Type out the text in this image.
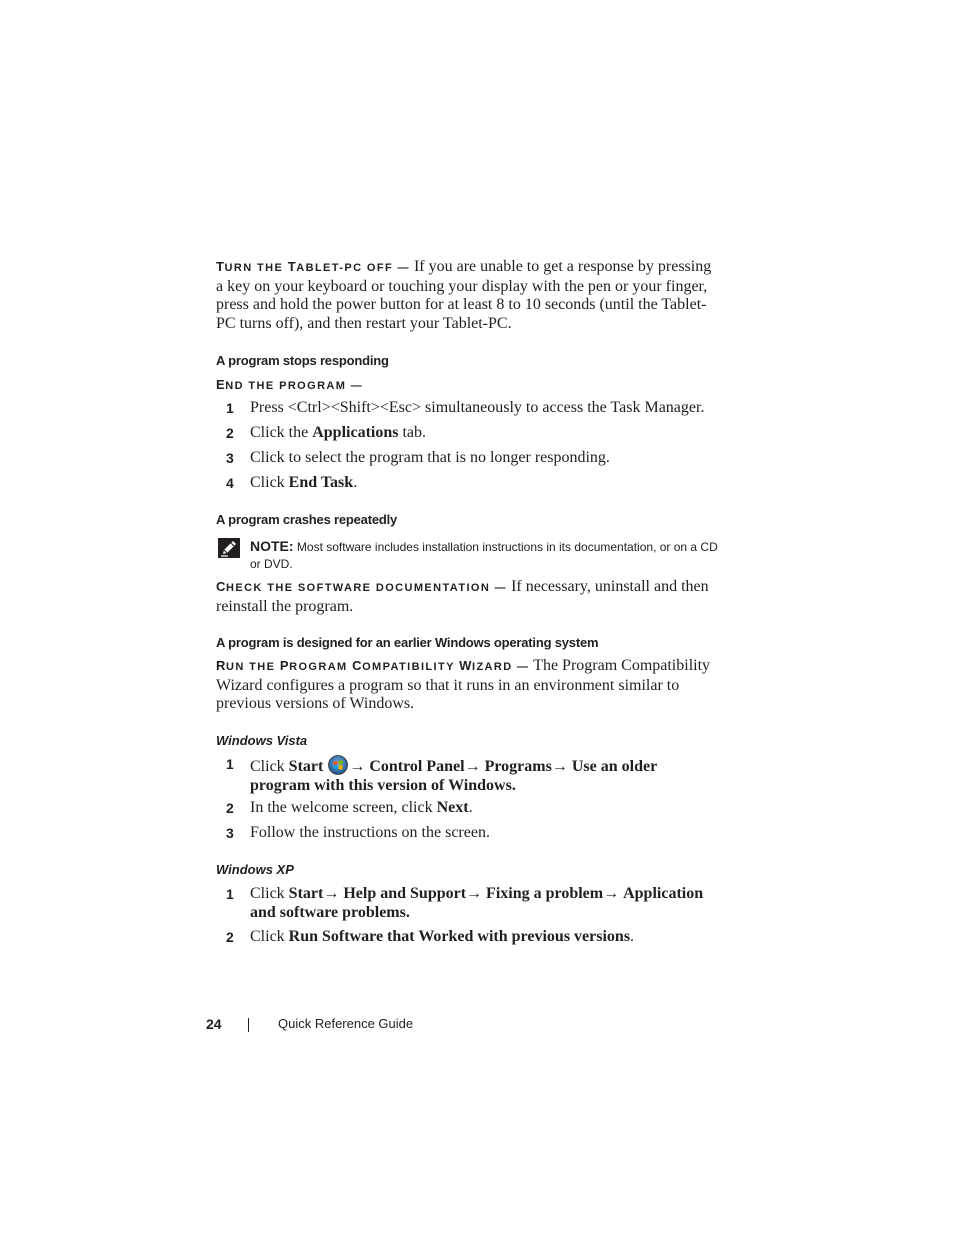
TURN THE TABLET-PC OFF — If you are unable to get a response by pressing a key on your keyboard or touching your display with the pen or your finger, press and hold the power button for at least 8 to 10 seconds (until the Tablet-PC turns off), and then restart your Tablet-PC.
A program stops responding
END THE PROGRAM —
1 Press <Ctrl><Shift><Esc> simultaneously to access the Task Manager.
2 Click the Applications tab.
3 Click to select the program that is no longer responding.
4 Click End Task.
A program crashes repeatedly
NOTE: Most software includes installation instructions in its documentation, or on a CD or DVD.
CHECK THE SOFTWARE DOCUMENTATION — If necessary, uninstall and then reinstall the program.
A program is designed for an earlier Windows operating system
RUN THE PROGRAM COMPATIBILITY WIZARD — The Program Compatibility Wizard configures a program so that it runs in an environment similar to previous versions of Windows.
Windows Vista
1 Click Start → Control Panel→ Programs→ Use an older program with this version of Windows.
2 In the welcome screen, click Next.
3 Follow the instructions on the screen.
Windows XP
1 Click Start→ Help and Support→ Fixing a problem→ Application and software problems.
2 Click Run Software that Worked with previous versions.
24	Quick Reference Guide
